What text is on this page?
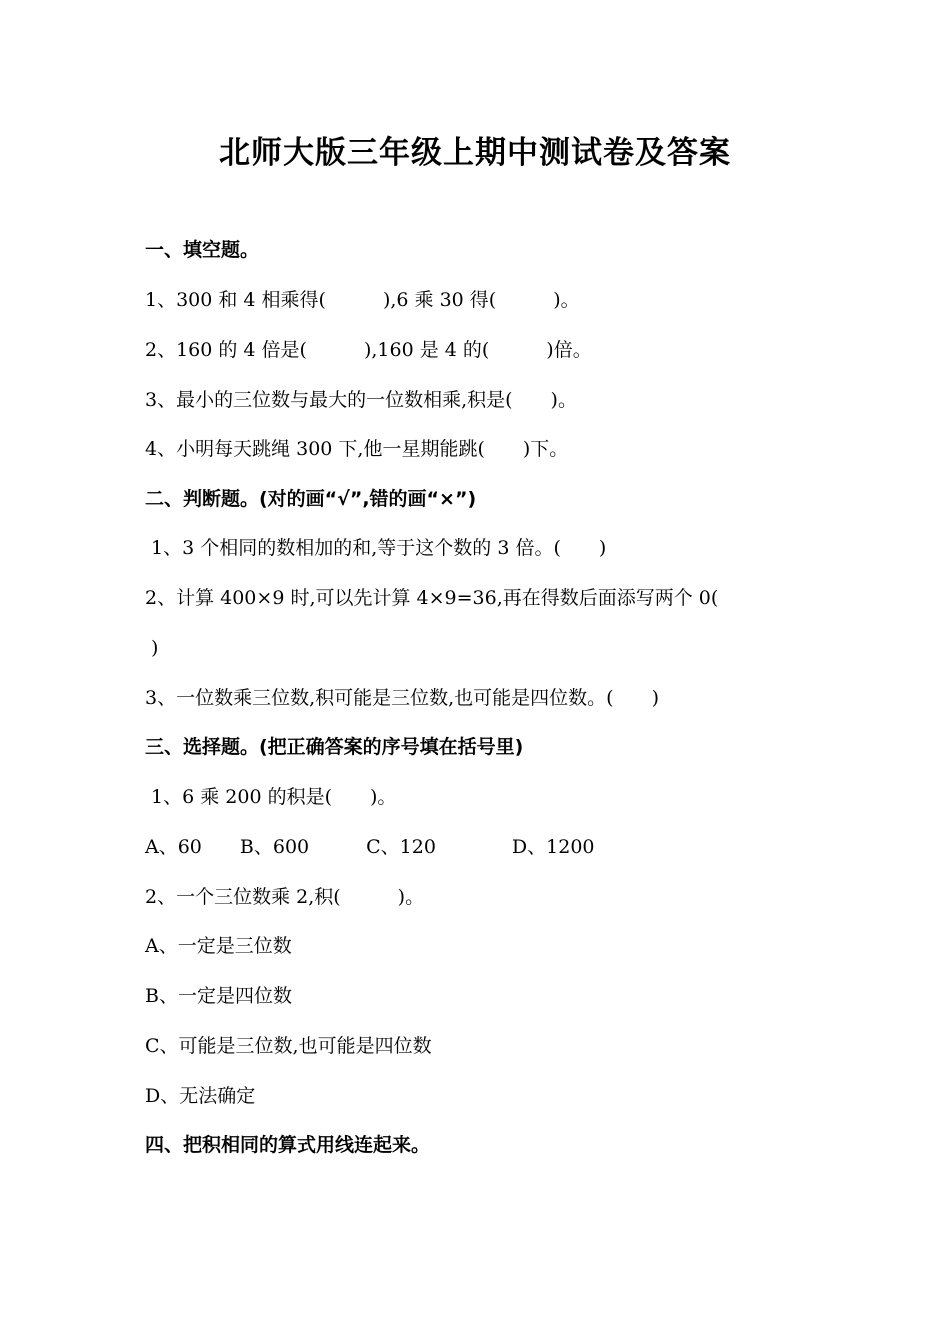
北师大版三年级上期中测试卷及答案
一、填空题。
1、300 和 4 相乘得(　　　),6 乘 30 得(　　　)。
2、160 的 4 倍是(　　　),160 是 4 的(　　　)倍。
3、最小的三位数与最大的一位数相乘,积是(　　)。
4、小明每天跳绳 300 下,他一星期能跳(　　)下。
二、判断题。(对的画“√”,错的画“×”)
1、3 个相同的数相加的和,等于这个数的 3 倍。(　　)
2、计算 400×9 时,可以先计算 4×9=36,再在得数后面添写两个 0(
)
3、一位数乘三位数,积可能是三位数,也可能是四位数。(　　)
三、选择题。(把正确答案的序号填在括号里)
1、6 乘 200 的积是(　　)。
A、60　　B、600　　　C、120　　　　D、1200
2、一个三位数乘 2,积(　　　)。
A、一定是三位数
B、一定是四位数
C、可能是三位数,也可能是四位数
D、无法确定
四、把积相同的算式用线连起来。
